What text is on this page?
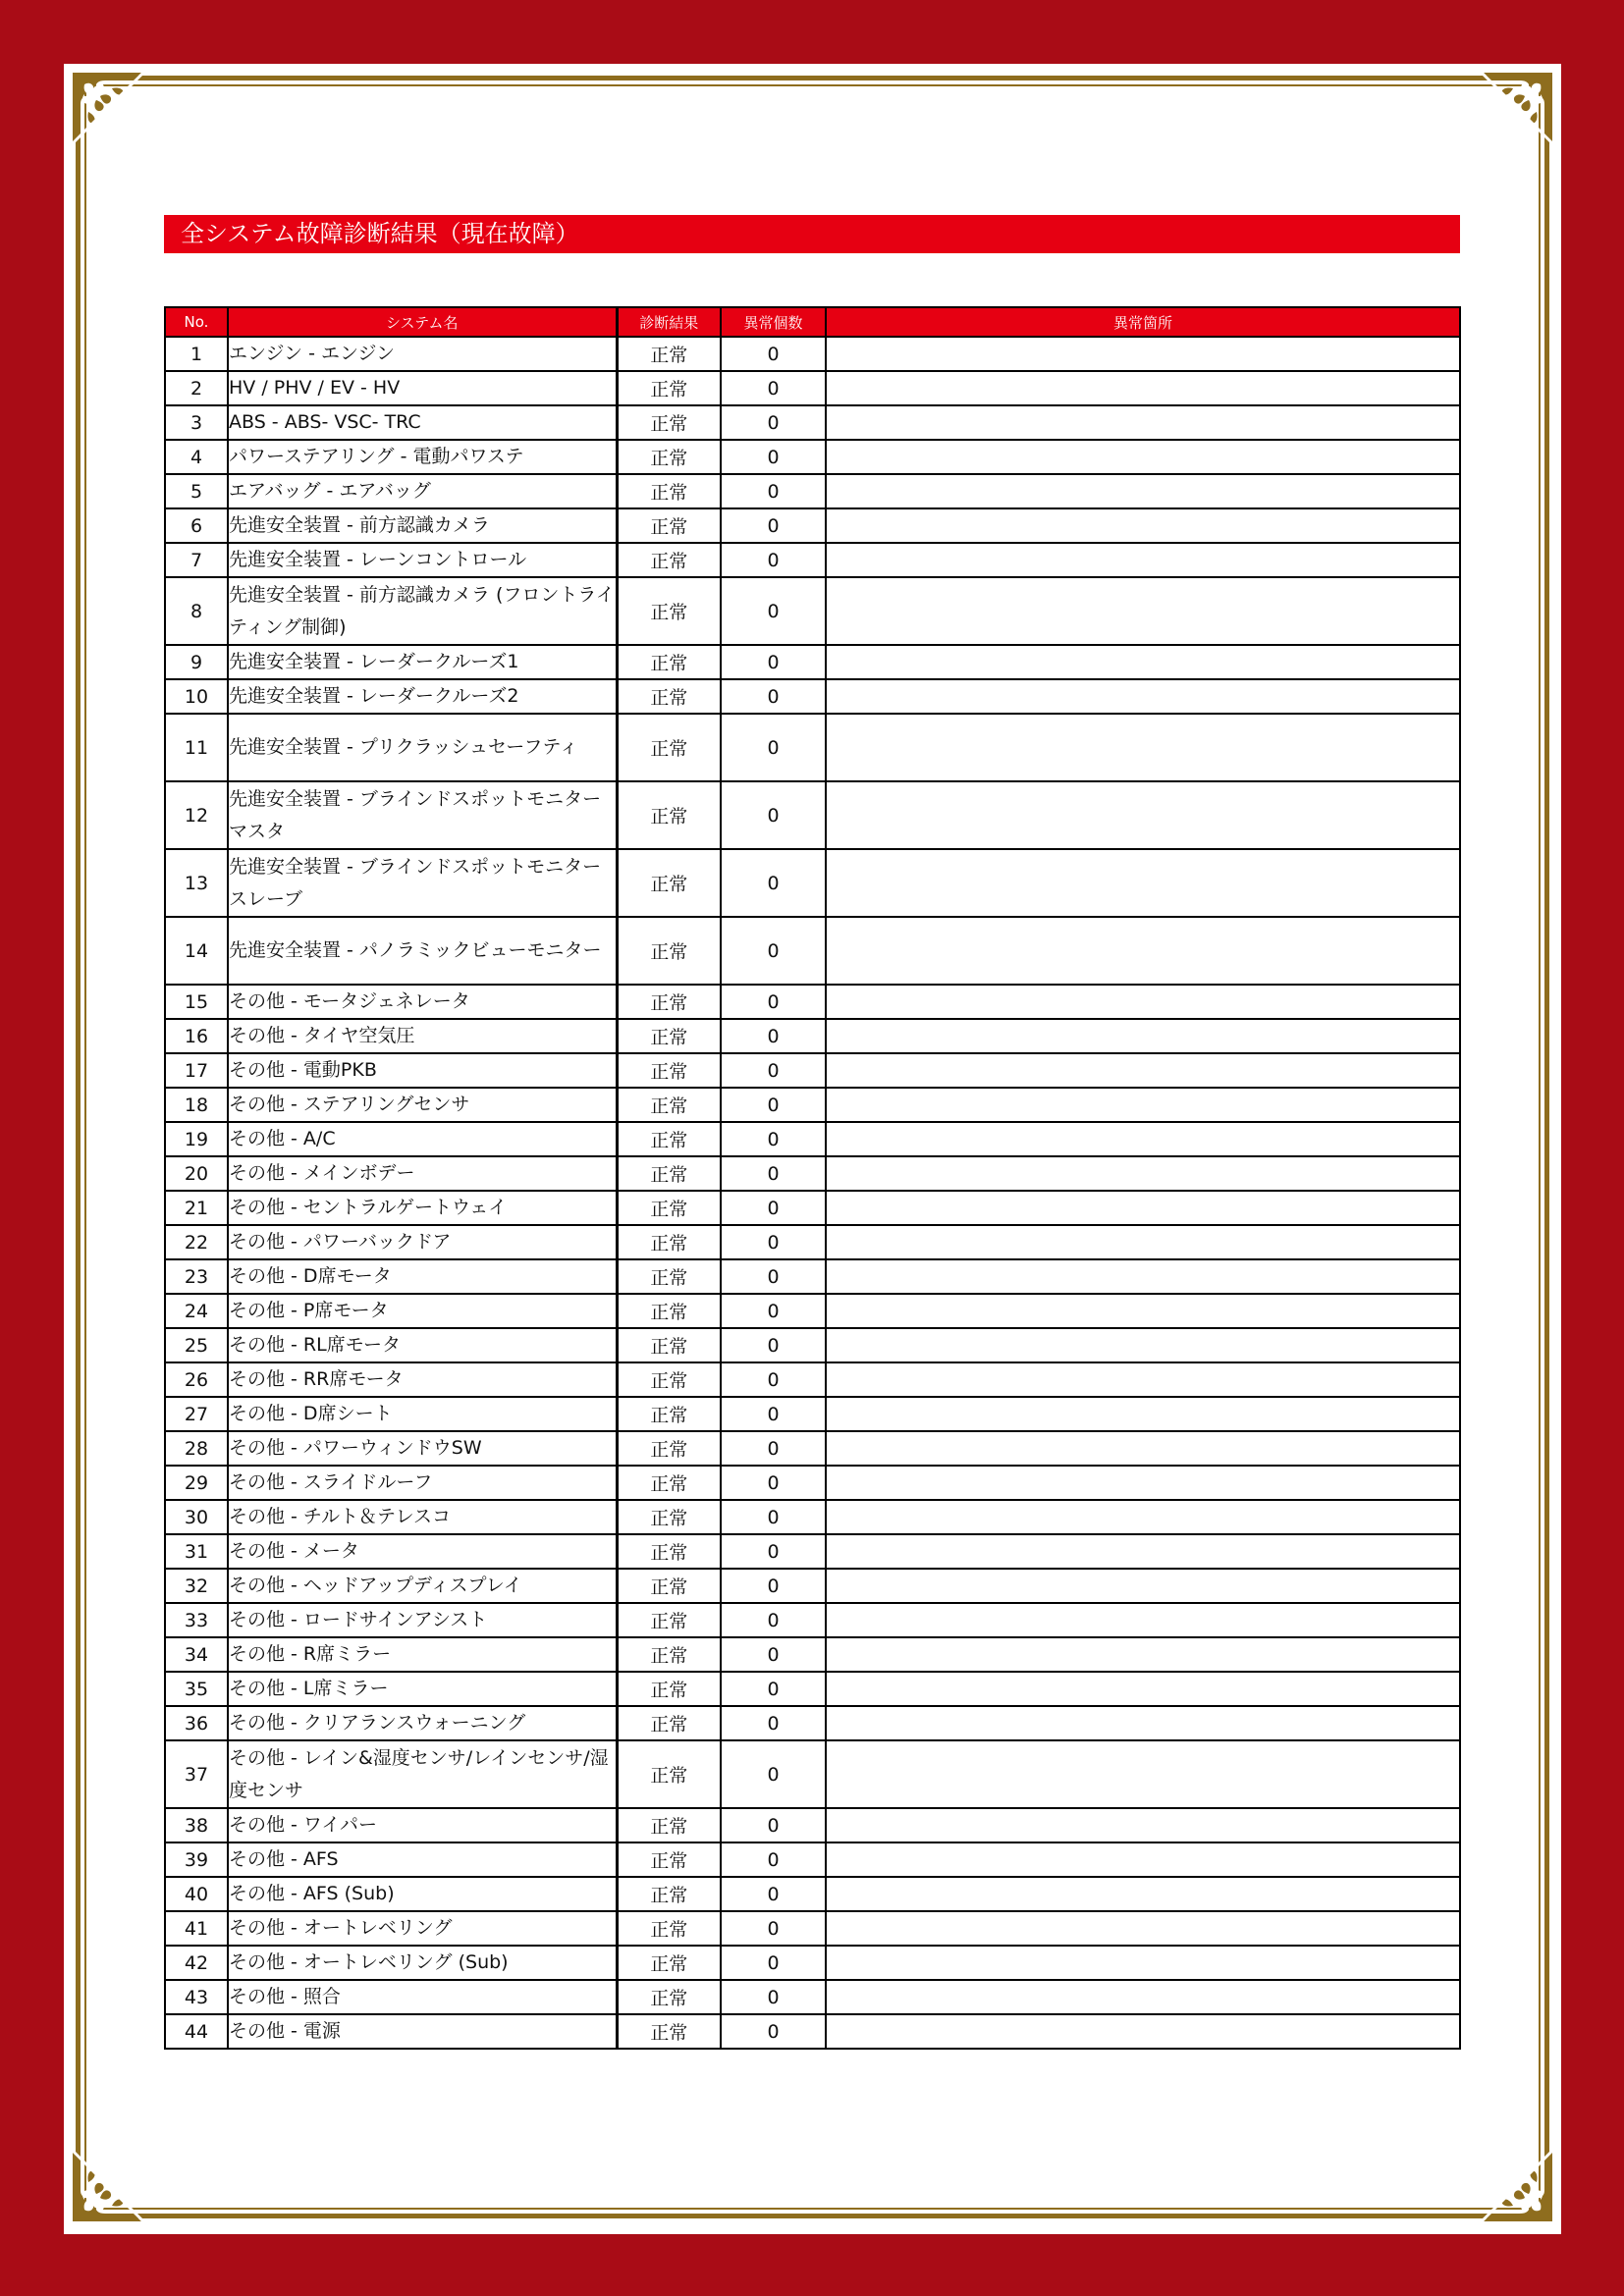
全システム故障診断結果（現在故障）
No.	システム名	診断結果	異常個数	異常箇所
1	エンジン - エンジン	正常	0	
2	HV / PHV / EV - HV	正常	0	
3	ABS - ABS- VSC- TRC	正常	0	
4	パワーステアリング - 電動パワステ	正常	0	
5	エアバッグ - エアバッグ	正常	0	
6	先進安全装置 - 前方認識カメラ	正常	0	
7	先進安全装置 - レーンコントロール	正常	0	
8	先進安全装置 - 前方認識カメラ (フロントライティング制御)	正常	0	
9	先進安全装置 - レーダークルーズ1	正常	0	
10	先進安全装置 - レーダークルーズ2	正常	0	
11	先進安全装置 - プリクラッシュセーフティ	正常	0	
12	先進安全装置 - ブラインドスポットモニター マスタ	正常	0	
13	先進安全装置 - ブラインドスポットモニター スレーブ	正常	0	
14	先進安全装置 - パノラミックビューモニター	正常	0	
15	その他 - モータジェネレータ	正常	0	
16	その他 - タイヤ空気圧	正常	0	
17	その他 - 電動PKB	正常	0	
18	その他 - ステアリングセンサ	正常	0	
19	その他 - A/C	正常	0	
20	その他 - メインボデー	正常	0	
21	その他 - セントラルゲートウェイ	正常	0	
22	その他 - パワーバックドア	正常	0	
23	その他 - D席モータ	正常	0	
24	その他 - P席モータ	正常	0	
25	その他 - RL席モータ	正常	0	
26	その他 - RR席モータ	正常	0	
27	その他 - D席シート	正常	0	
28	その他 - パワーウィンドウSW	正常	0	
29	その他 - スライドルーフ	正常	0	
30	その他 - チルト＆テレスコ	正常	0	
31	その他 - メータ	正常	0	
32	その他 - ヘッドアップディスプレイ	正常	0	
33	その他 - ロードサインアシスト	正常	0	
34	その他 - R席ミラー	正常	0	
35	その他 - L席ミラー	正常	0	
36	その他 - クリアランスウォーニング	正常	0	
37	その他 - レイン&湿度センサ/レインセンサ/湿度センサ	正常	0	
38	その他 - ワイパー	正常	0	
39	その他 - AFS	正常	0	
40	その他 - AFS (Sub)	正常	0	
41	その他 - オートレベリング	正常	0	
42	その他 - オートレベリング (Sub)	正常	0	
43	その他 - 照合	正常	0	
44	その他 - 電源	正常	0	
